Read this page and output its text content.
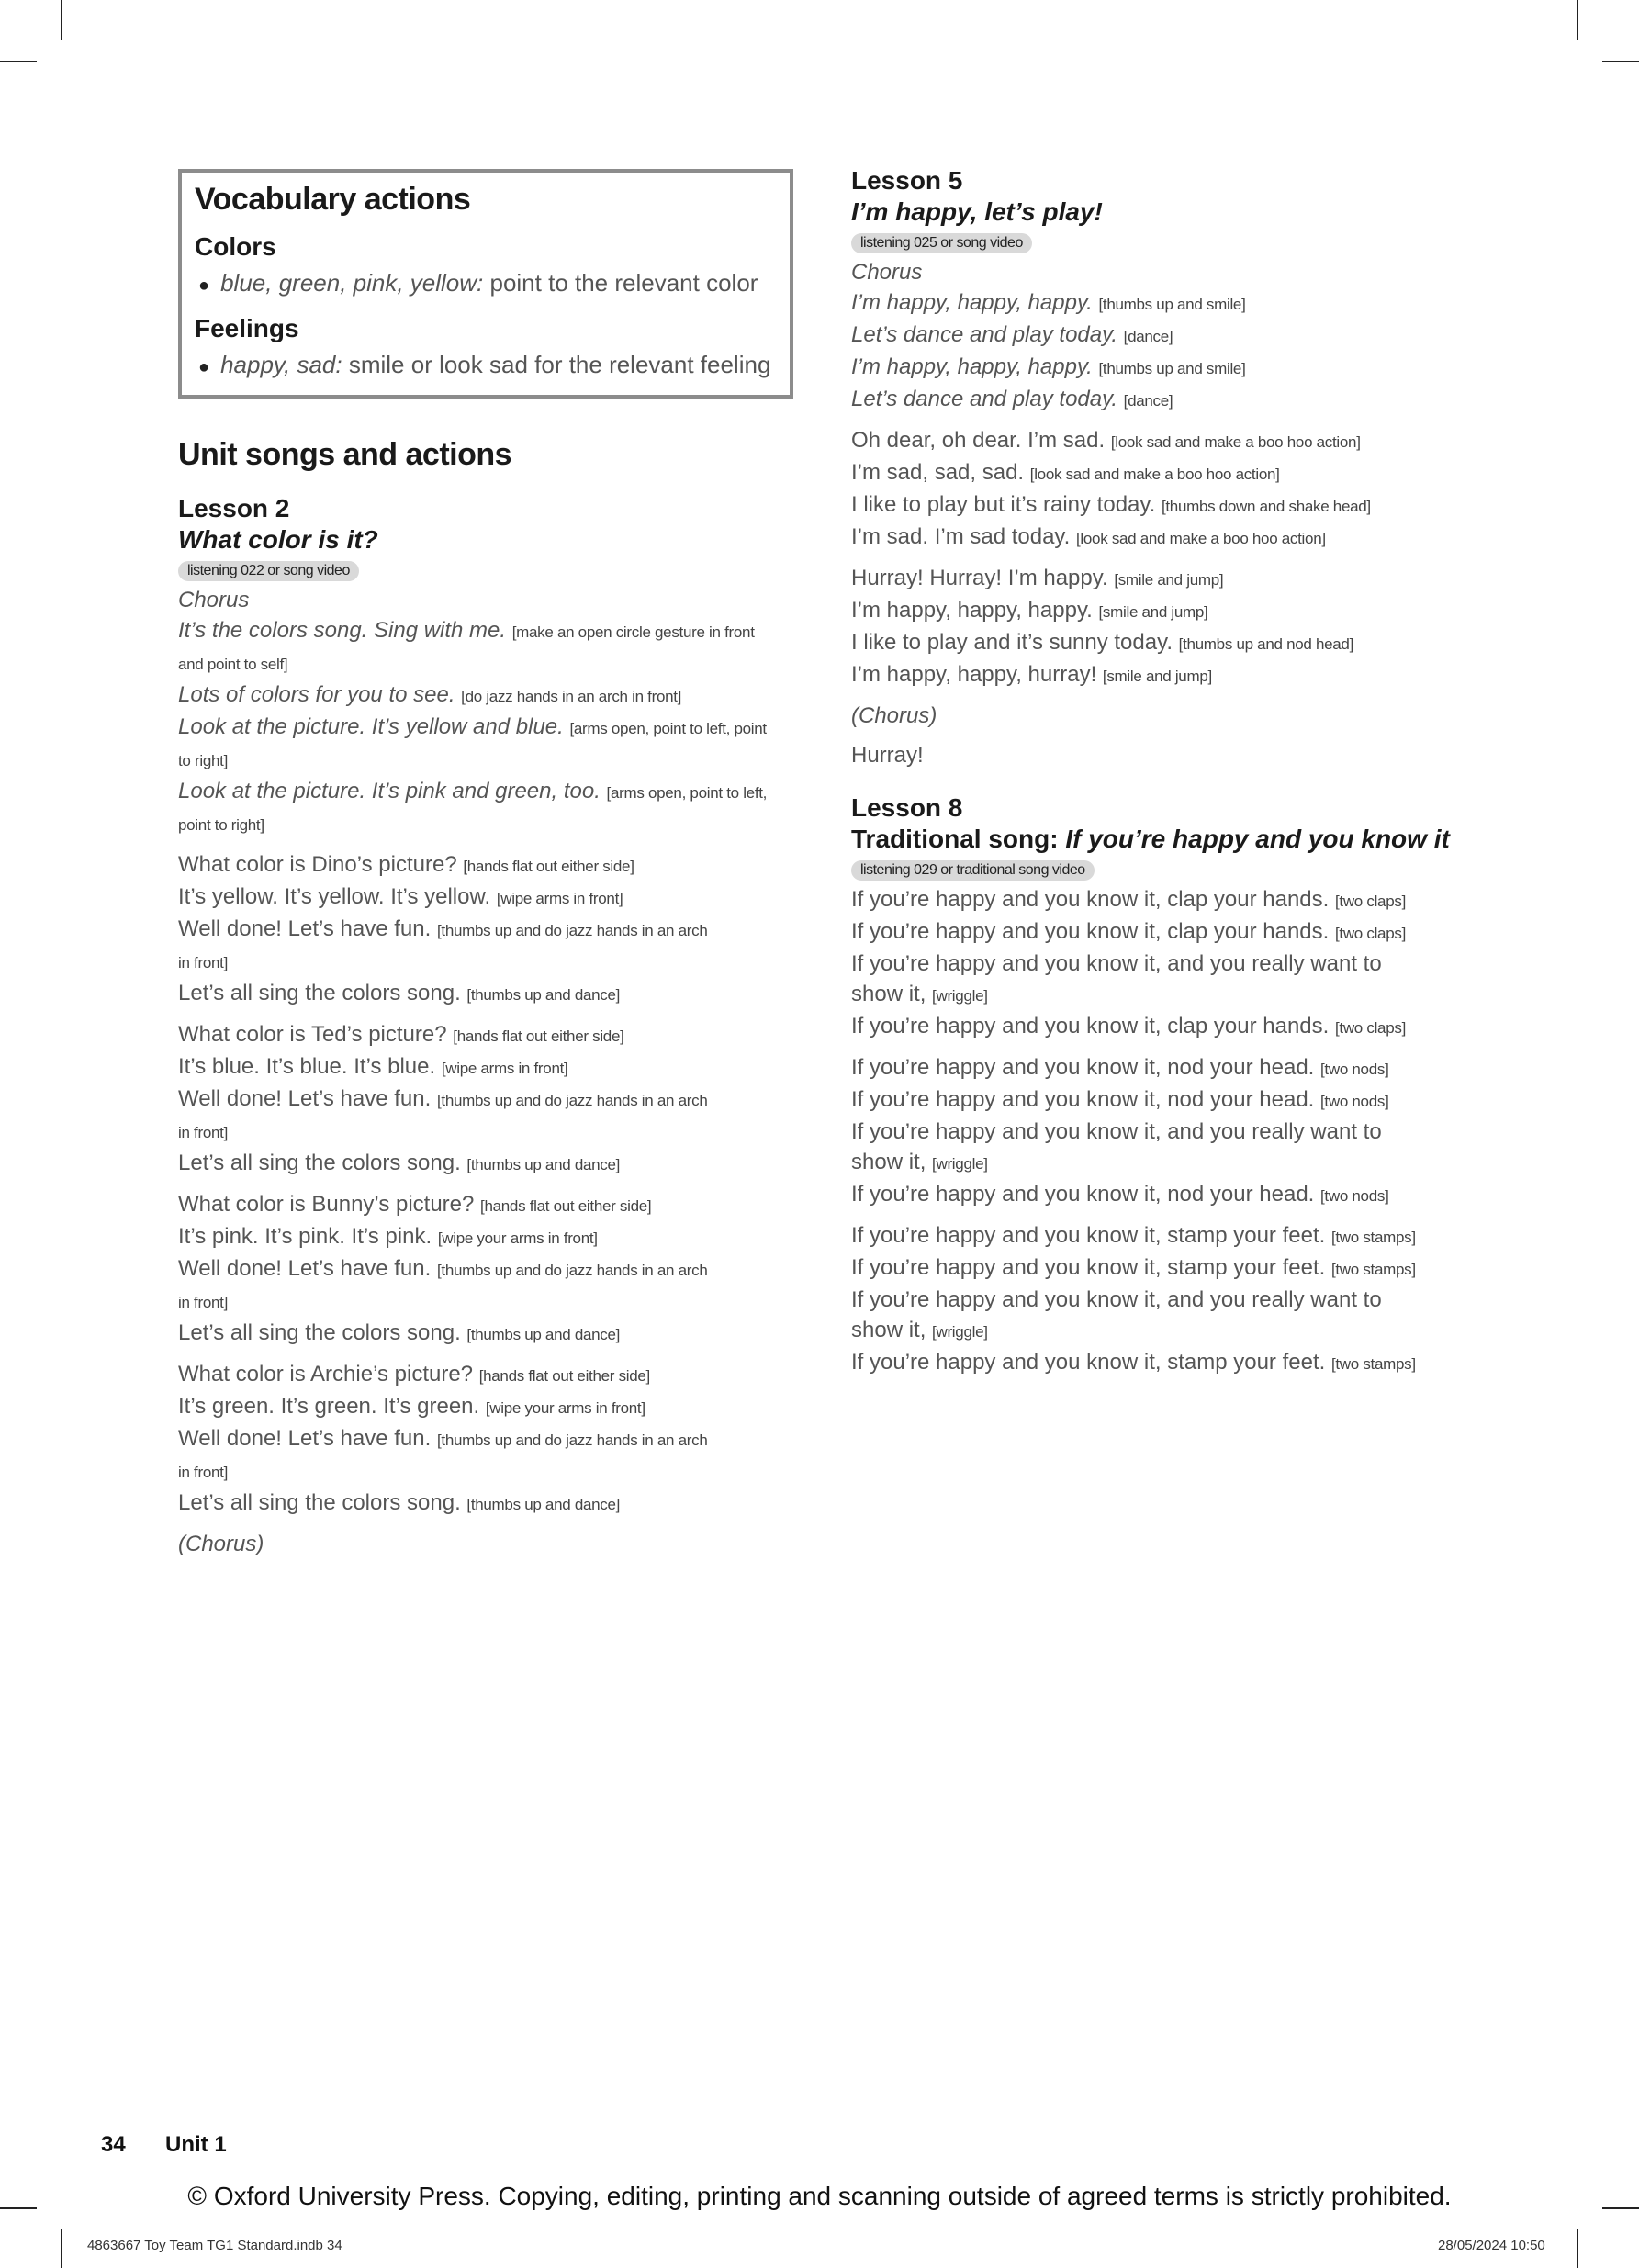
Vocabulary actions

Colors

● blue, green, pink, yellow: point to the relevant color

Feelings

● happy, sad: smile or look sad for the relevant feeling

Unit songs and actions

Lesson 2

What color is it?

listening 022 or song video

Chorus

It’s the colors song. Sing with me. [make an open circle gesture in front
and point to self]

Lots of colors for you to see. [do jazz hands in an arch in front]

Look at the picture. It’s yellow and blue. [arms open, point to left, point
to right]

Look at the picture. It’s pink and green, too. [arms open, point to left,
point to right]

What color is Dino’s picture? [hands flat out either side]

It’s yellow. It’s yellow. It’s yellow. [wipe arms in front]

Well done! Let’s have fun. [thumbs up and do jazz hands in an arch
in front]

Let’s all sing the colors song. [thumbs up and dance]

What color is Ted’s picture? [hands flat out either side]

It’s blue. It’s blue. It’s blue. [wipe arms in front]

Well done! Let’s have fun. [thumbs up and do jazz hands in an arch
in front]

Let’s all sing the colors song. [thumbs up and dance]

What color is Bunny’s picture? [hands flat out either side]

It’s pink. It’s pink. It’s pink. [wipe your arms in front]

Well done! Let’s have fun. [thumbs up and do jazz hands in an arch
in front]

Let’s all sing the colors song. [thumbs up and dance]

What color is Archie’s picture? [hands flat out either side]

It’s green. It’s green. It’s green. [wipe your arms in front]

Well done! Let’s have fun. [thumbs up and do jazz hands in an arch
in front]

Let’s all sing the colors song. [thumbs up and dance]

(Chorus)

Lesson 5

I’m happy, let’s play!

listening 025 or song video

Chorus

I’m happy, happy, happy. [thumbs up and smile]

Let’s dance and play today. [dance]

I’m happy, happy, happy. [thumbs up and smile]

Let’s dance and play today. [dance]

Oh dear, oh dear. I’m sad. [look sad and make a boo hoo action]

I’m sad, sad, sad. [look sad and make a boo hoo action]

I like to play but it’s rainy today. [thumbs down and shake head]

I’m sad. I’m sad today. [look sad and make a boo hoo action]

Hurray! Hurray! I’m happy. [smile and jump]

I’m happy, happy, happy. [smile and jump]

I like to play and it’s sunny today. [thumbs up and nod head]

I’m happy, happy, hurray! [smile and jump]

(Chorus)

Hurray!

Lesson 8

Traditional song: If you’re happy and you know it

listening 029 or traditional song video

If you’re happy and you know it, clap your hands. [two claps]

If you’re happy and you know it, clap your hands. [two claps]

If you’re happy and you know it, and you really want to

show it, [wriggle]

If you’re happy and you know it, clap your hands. [two claps]

If you’re happy and you know it, nod your head. [two nods]

If you’re happy and you know it, nod your head. [two nods]

If you’re happy and you know it, and you really want to

show it, [wriggle]

If you’re happy and you know it, nod your head. [two nods]

If you’re happy and you know it, stamp your feet. [two stamps]

If you’re happy and you know it, stamp your feet. [two stamps]

If you’re happy and you know it, and you really want to

show it, [wriggle]

If you’re happy and you know it, stamp your feet. [two stamps]

34 Unit 1
© Oxford University Press. Copying, editing, printing and scanning outside of agreed terms is strictly prohibited.
4863667 Toy Team TG1 Standard.indb 34	28/05/2024 10:50
